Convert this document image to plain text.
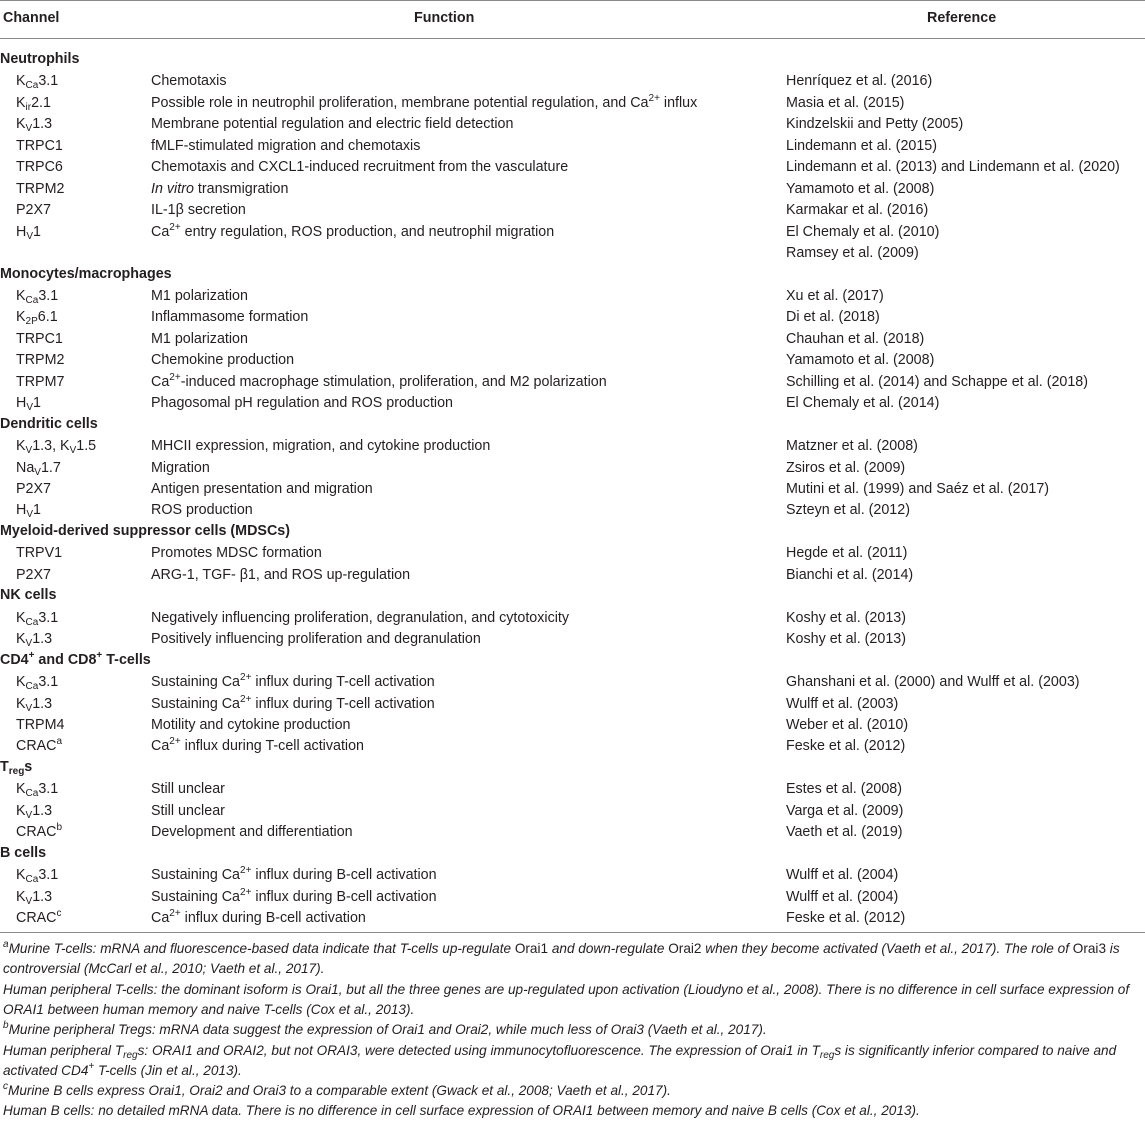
Channel	Function	Reference
Neutrophils
$K_{Ca}3.1$	Chemotaxis	Henríquez et al. (2016)
$K_{ir}2.1$	Possible role in neutrophil proliferation, membrane potential regulation, and $Ca^{2+}$ influx	Masia et al. (2015)
$K_V1.3$	Membrane potential regulation and electric field detection	Kindzelskii and Petty (2005)
TRPC1	fMLF-stimulated migration and chemotaxis	Lindemann et al. (2015)
TRPC6	Chemotaxis and CXCL1-induced recruitment from the vasculature	Lindemann et al. (2013) and Lindemann et al. (2020)
TRPM2	In vitro transmigration	Yamamoto et al. (2008)
P2X7	IL-1β secretion	Karmakar et al. (2016)
$H_V1$	$Ca^{2+}$ entry regulation, ROS production, and neutrophil migration	El Chemaly et al. (2010)
Ramsey et al. (2009)
Monocytes/macrophages
$K_{Ca}3.1$	M1 polarization	Xu et al. (2017)
$K_{2P}6.1$	Inflammasome formation	Di et al. (2018)
TRPC1	M1 polarization	Chauhan et al. (2018)
TRPM2	Chemokine production	Yamamoto et al. (2008)
TRPM7	$Ca^{2+}$-induced macrophage stimulation, proliferation, and M2 polarization	Schilling et al. (2014) and Schappe et al. (2018)
$H_V1$	Phagosomal pH regulation and ROS production	El Chemaly et al. (2014)
Dendritic cells
$K_V1.3$, $K_V1.5$	MHCII expression, migration, and cytokine production	Matzner et al. (2008)
$Na_V1.7$	Migration	Zsiros et al. (2009)
P2X7	Antigen presentation and migration	Mutini et al. (1999) and Saéz et al. (2017)
$H_V1$	ROS production	Szteyn et al. (2012)
Myeloid-derived suppressor cells (MDSCs)
TRPV1	Promotes MDSC formation	Hegde et al. (2011)
P2X7	ARG-1, TGF- β1, and ROS up-regulation	Bianchi et al. (2014)
NK cells
$K_{Ca}3.1$	Negatively influencing proliferation, degranulation, and cytotoxicity	Koshy et al. (2013)
$K_V1.3$	Positively influencing proliferation and degranulation	Koshy et al. (2013)
CD4+ and CD8+ T-cells
$K_{Ca}3.1$	Sustaining $Ca^{2+}$ influx during T-cell activation	Ghanshani et al. (2000) and Wulff et al. (2003)
$K_V1.3$	Sustaining $Ca^{2+}$ influx during T-cell activation	Wulff et al. (2003)
TRPM4	Motility and cytokine production	Weber et al. (2010)
CRAC$^a$	$Ca^{2+}$ influx during T-cell activation	Feske et al. (2012)
$T_{reg}s$
$K_{Ca}3.1$	Still unclear	Estes et al. (2008)
$K_V1.3$	Still unclear	Varga et al. (2009)
CRAC$^b$	Development and differentiation	Vaeth et al. (2019)
B cells
$K_{Ca}3.1$	Sustaining $Ca^{2+}$ influx during B-cell activation	Wulff et al. (2004)
$K_V1.3$	Sustaining $Ca^{2+}$ influx during B-cell activation	Wulff et al. (2004)
CRAC$^c$	$Ca^{2+}$ influx during B-cell activation	Feske et al. (2012)
$^a$Murine T-cells: mRNA and fluorescence-based data indicate that T-cells up-regulate Orai1 and down-regulate Orai2 when they become activated (Vaeth et al., 2017). The role of Orai3 is
controversial (McCarl et al., 2010; Vaeth et al., 2017).
Human peripheral T-cells: the dominant isoform is Orai1, but all the three genes are up-regulated upon activation (Lioudyno et al., 2008). There is no difference in cell surface expression of
ORAI1 between human memory and naive T-cells (Cox et al., 2013).
$^b$Murine peripheral Tregs: mRNA data suggest the expression of Orai1 and Orai2, while much less of Orai3 (Vaeth et al., 2017).
Human peripheral $T_{reg}s$: ORAI1 and ORAI2, but not ORAI3, were detected using immunocytofluorescence. The expression of Orai1 in $T_{reg}s$ is significantly inferior compared to naive and
activated CD4+ T-cells (Jin et al., 2013).
$^c$Murine B cells express Orai1, Orai2 and Orai3 to a comparable extent (Gwack et al., 2008; Vaeth et al., 2017).
Human B cells: no detailed mRNA data. There is no difference in cell surface expression of ORAI1 between memory and naive B cells (Cox et al., 2013).
